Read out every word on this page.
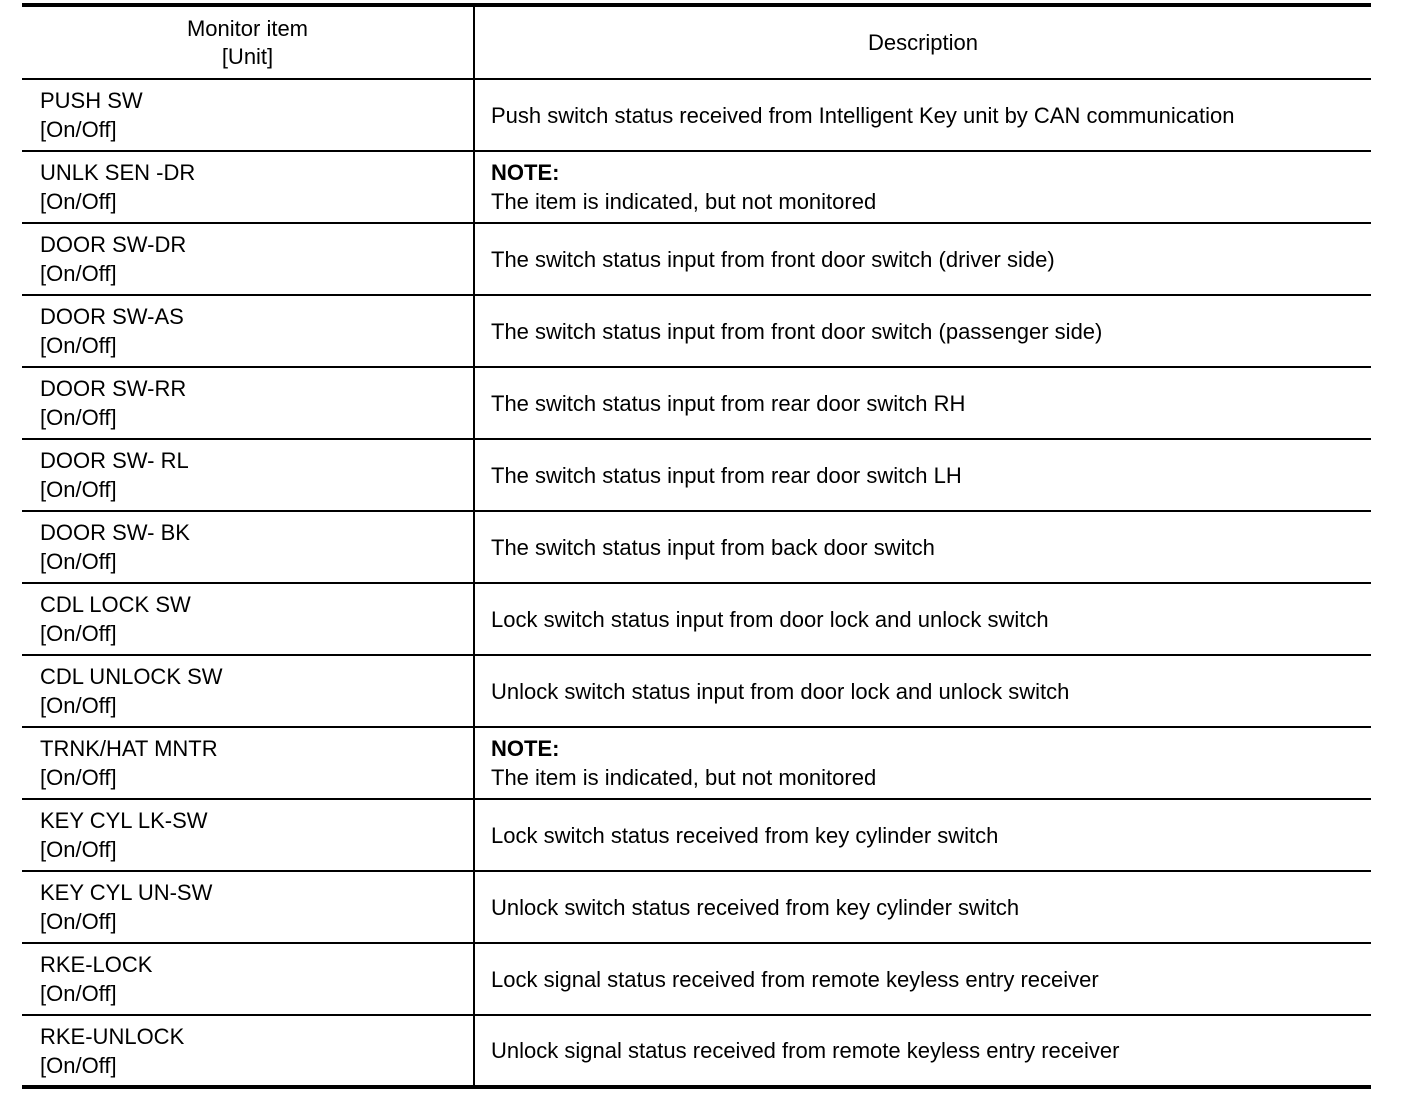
Monitor item
[Unit]	Description

PUSH SW
[On/Off]	Push switch status received from Intelligent Key unit by CAN communication

UNLK SEN -DR
[On/Off]	NOTE:
The item is indicated, but not monitored

DOOR SW-DR
[On/Off]	The switch status input from front door switch (driver side)

DOOR SW-AS
[On/Off]	The switch status input from front door switch (passenger side)

DOOR SW-RR
[On/Off]	The switch status input from rear door switch RH

DOOR SW- RL
[On/Off]	The switch status input from rear door switch LH

DOOR SW- BK
[On/Off]	The switch status input from back door switch

CDL LOCK SW
[On/Off]	Lock switch status input from door lock and unlock switch

CDL UNLOCK SW
[On/Off]	Unlock switch status input from door lock and unlock switch

TRNK/HAT MNTR
[On/Off]	NOTE:
The item is indicated, but not monitored

KEY CYL LK-SW
[On/Off]	Lock switch status received from key cylinder switch

KEY CYL UN-SW
[On/Off]	Unlock switch status received from key cylinder switch

RKE-LOCK
[On/Off]	Lock signal status received from remote keyless entry receiver

RKE-UNLOCK
[On/Off]	Unlock signal status received from remote keyless entry receiver
